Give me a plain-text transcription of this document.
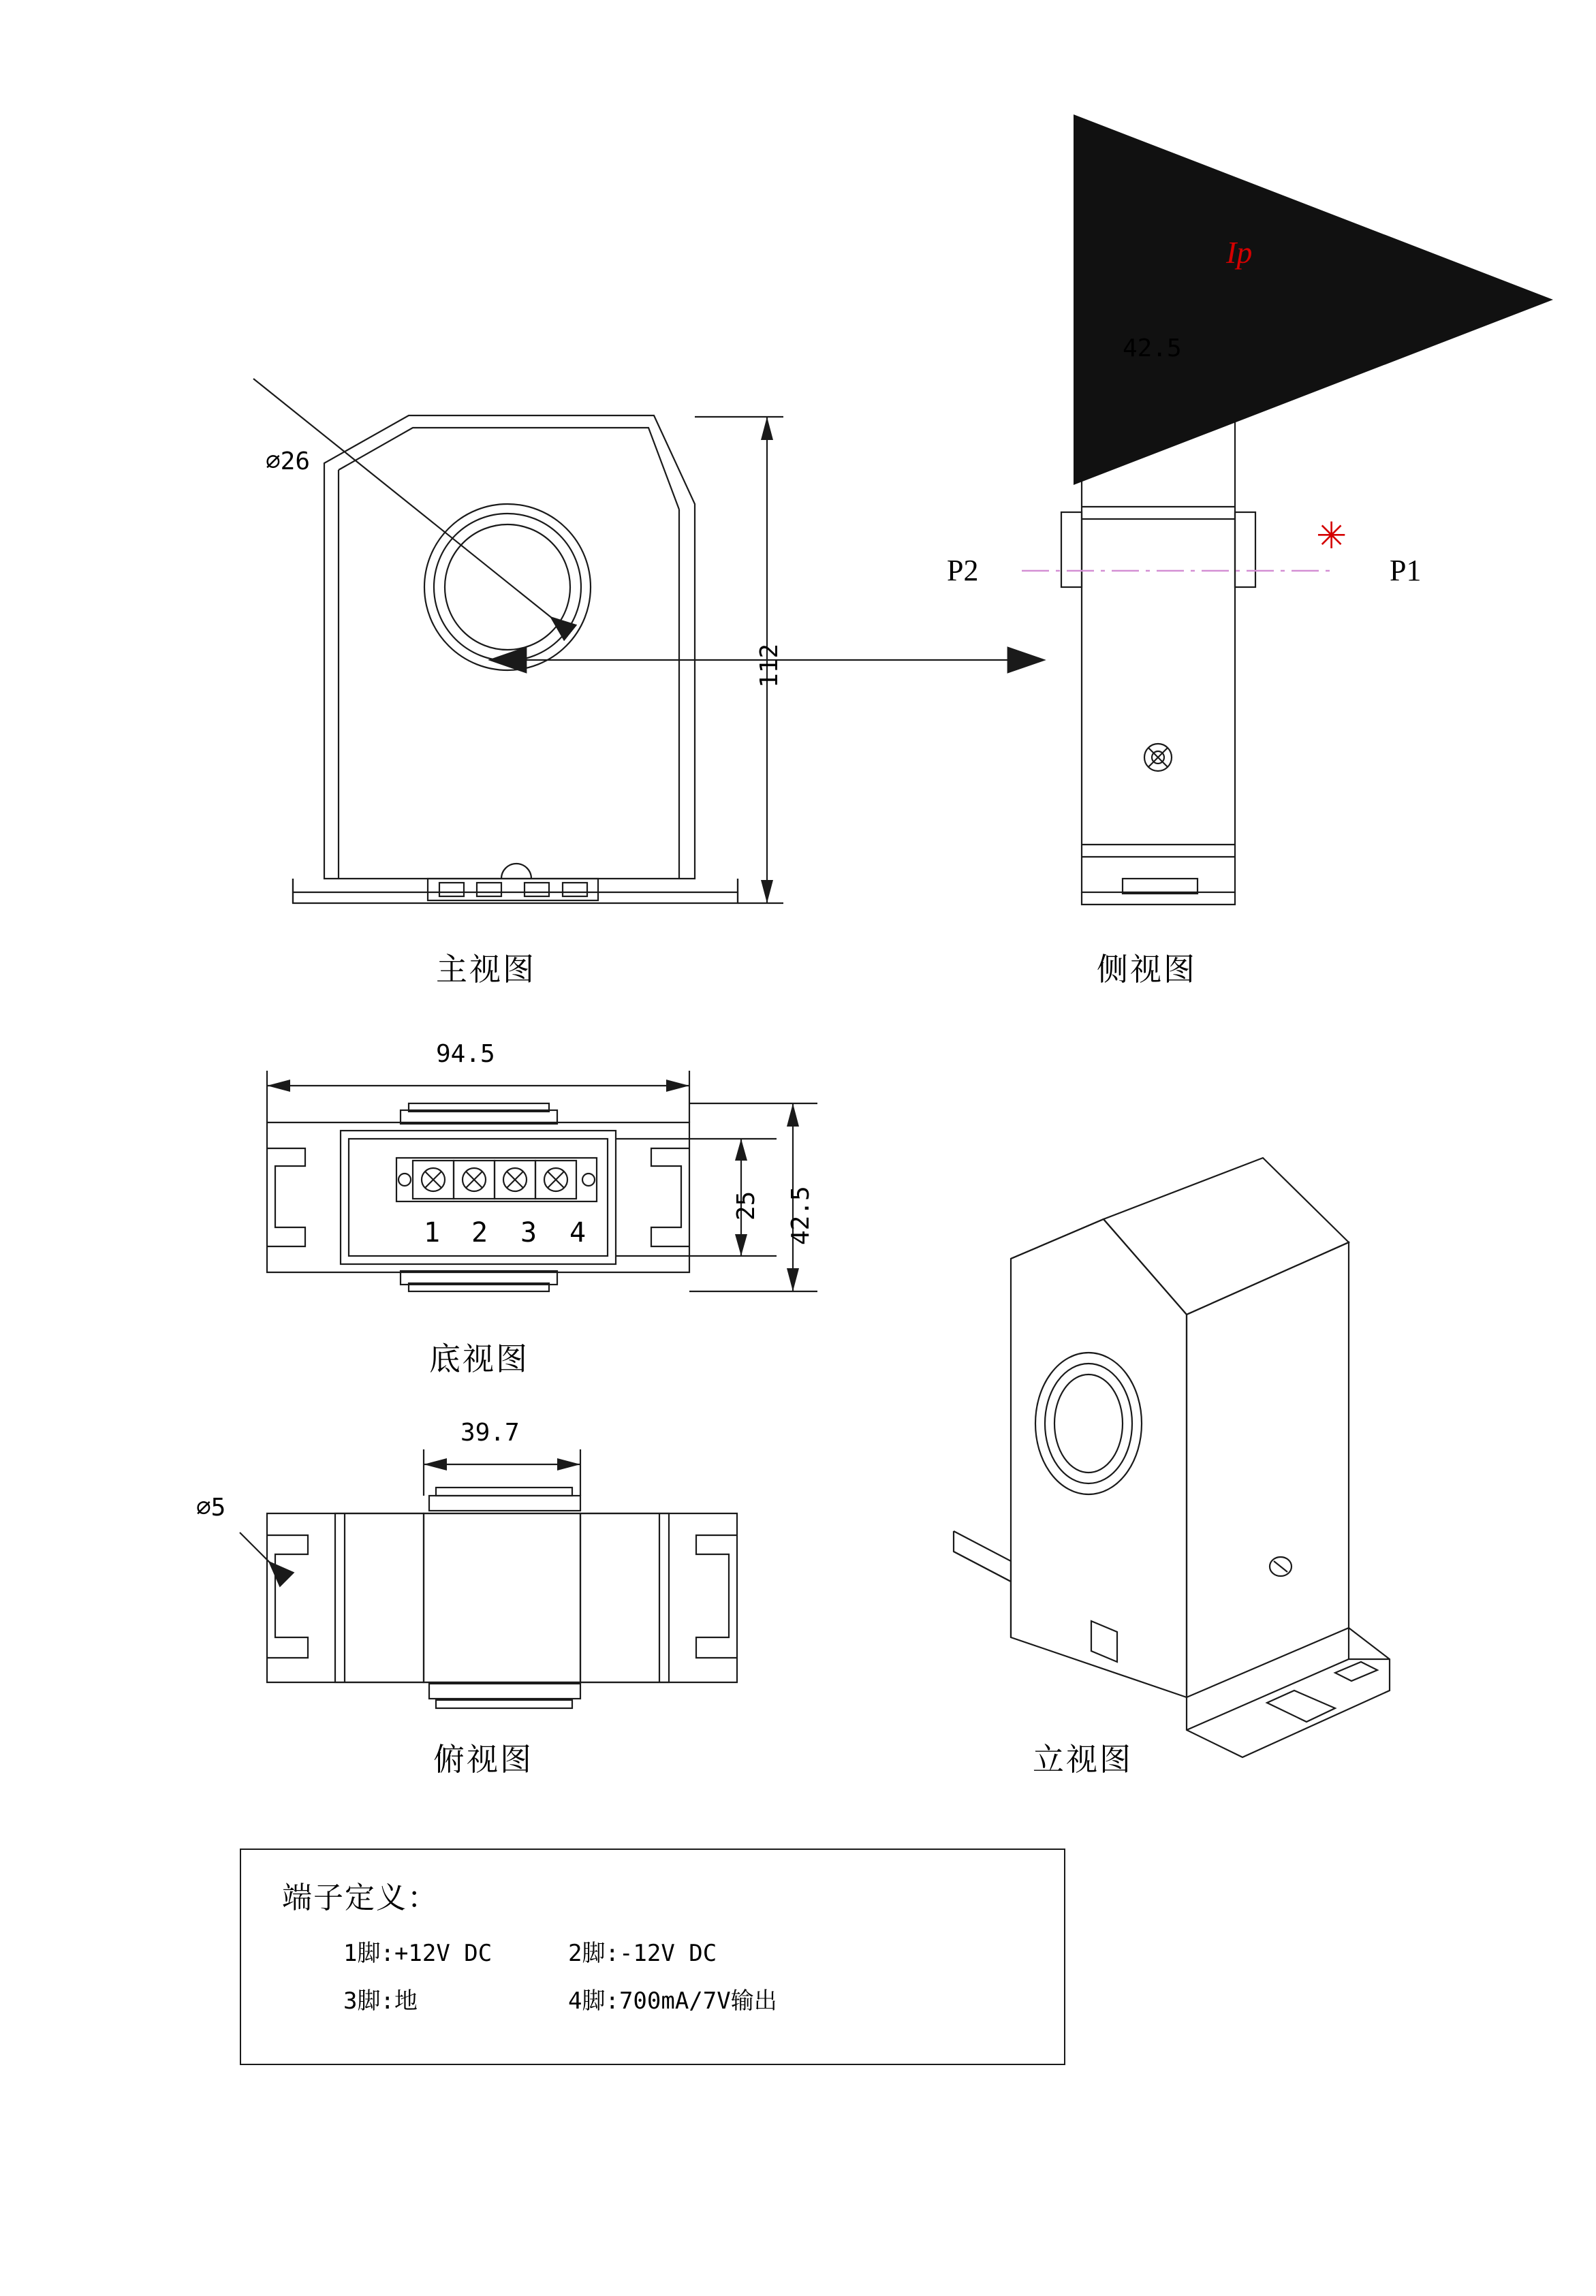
⌀26
112
主视图
42.5
Ip
P2	P1
✳
侧视图
94.5
25 42.5
1 2 3 4
底视图
39.7
⌀5
俯视图	立视图
端子定义：
1脚:+12V DC	2脚:-12V DC
3脚:地	4脚:700mA/7V输出
